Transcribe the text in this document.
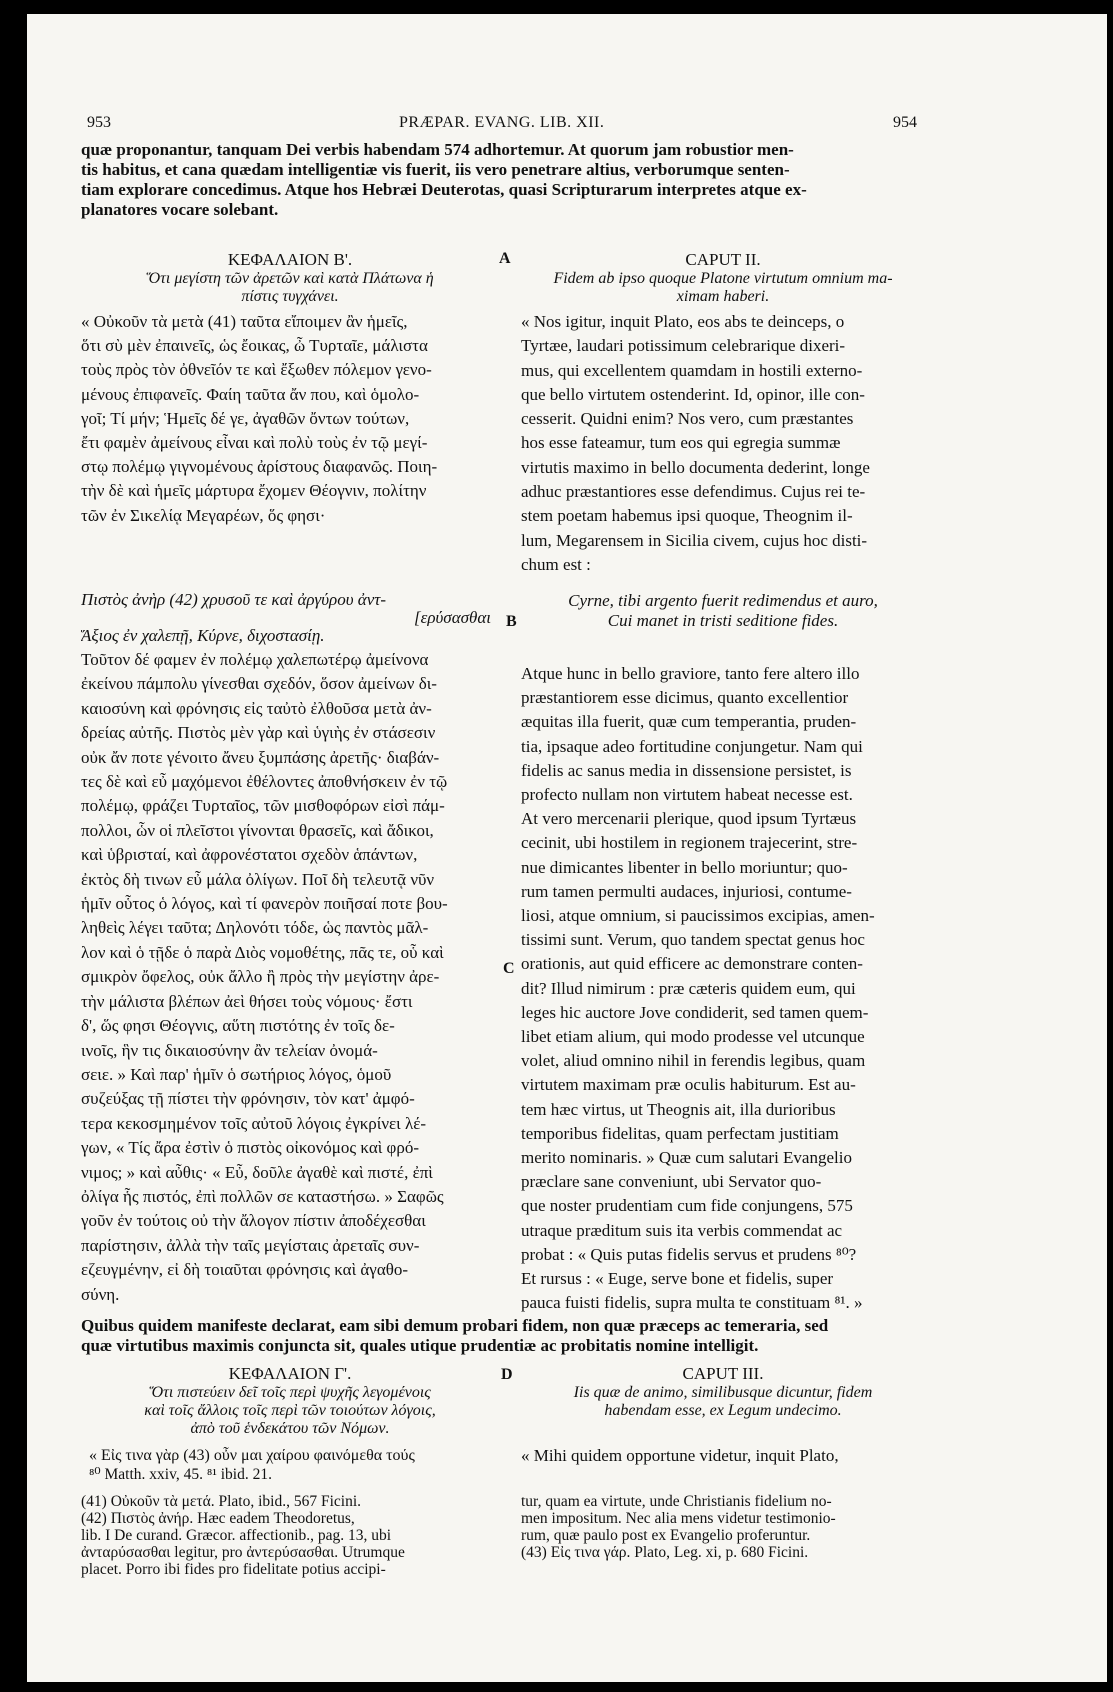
953	PRÆPAR. EVANG. LIB. XII.	954
quæ proponantur, tanquam Dei verbis habendam 574 adhortemur. At quorum jam robustior men-
tis habitus, et cana quædam intelligentiæ vis fuerit, iis vero penetrare altius, verborumque senten-
tiam explorare concedimus. Atque hos Hebræi Deuterotas, quasi Scripturarum interpretes atque ex-
planatores vocare solebant.
A
B
C
D
ΚΕΦΑΛΑΙΟΝ Β'.
Ὅτι μεγίστη τῶν ἀρετῶν καὶ κατὰ Πλάτωνα ἡ
πίστις τυγχάνει.
CAPUT II.
Fidem ab ipso quoque Platone virtutum omnium ma-
ximam haberi.
« Οὐκοῦν τὰ μετὰ (41) ταῦτα εἴποιμεν ἂν ἡμεῖς,
ὅτι σὺ μὲν ἐπαινεῖς, ὡς ἔοικας, ὦ Τυρταῖε, μάλιστα
τοὺς πρὸς τὸν ὀθνεῖόν τε καὶ ἔξωθεν πόλεμον γενο-
μένους ἐπιφανεῖς. Φαίη ταῦτα ἄν που, καὶ ὁμολο-
γοῖ; Τί μήν; Ἡμεῖς δέ γε, ἀγαθῶν ὄντων τούτων,
ἔτι φαμὲν ἀμείνους εἶναι καὶ πολὺ τοὺς ἐν τῷ μεγί-
στῳ πολέμῳ γιγνομένους ἀρίστους διαφανῶς. Ποιη-
τὴν δὲ καὶ ἡμεῖς μάρτυρα ἔχομεν Θέογνιν, πολίτην
τῶν ἐν Σικελίᾳ Μεγαρέων, ὅς φησι·
« Nos igitur, inquit Plato, eos abs te deinceps, o
Tyrtæe, laudari potissimum celebrarique dixeri-
mus, qui excellentem quamdam in hostili externo-
que bello virtutem ostenderint. Id, opinor, ille con-
cesserit. Quidni enim? Nos vero, cum præstantes
hos esse fateamur, tum eos qui egregia summæ
virtutis maximo in bello documenta dederint, longe
adhuc præstantiores esse defendimus. Cujus rei te-
stem poetam habemus ipsi quoque, Theognim il-
lum, Megarensem in Sicilia civem, cujus hoc disti-
chum est :
Πιστὸς ἀνὴρ (42) χρυσοῦ τε καὶ ἀργύρου ἀντ-
[ερύσασθαι
Ἄξιος ἐν χαλεπῇ, Κύρνε, διχοστασίῃ.
Cyrne, tibi argento fuerit redimendus et auro,
Cui manet in tristi seditione fides.
Τοῦτον δέ φαμεν ἐν πολέμῳ χαλεπωτέρῳ ἀμείνονα
ἐκείνου πάμπολυ γίνεσθαι σχεδόν, ὅσον ἀμείνων δι-
καιοσύνη καὶ φρόνησις εἰς ταὐτὸ ἐλθοῦσα μετὰ ἀν-
δρείας αὐτῆς. Πιστὸς μὲν γὰρ καὶ ὑγιὴς ἐν στάσεσιν
οὐκ ἄν ποτε γένοιτο ἄνευ ξυμπάσης ἀρετῆς· διαβάν-
τες δὲ καὶ εὖ μαχόμενοι ἐθέλοντες ἀποθνήσκειν ἐν τῷ
πολέμῳ, φράζει Τυρταῖος, τῶν μισθοφόρων εἰσὶ πάμ-
πολλοι, ὧν οἱ πλεῖστοι γίνονται θρασεῖς, καὶ ἄδικοι,
καὶ ὑβρισταί, καὶ ἀφρονέστατοι σχεδὸν ἁπάντων,
ἐκτὸς δὴ τινων εὖ μάλα ὀλίγων. Ποῖ δὴ τελευτᾷ νῦν
ἡμῖν οὗτος ὁ λόγος, καὶ τί φανερὸν ποιῆσαί ποτε βου-
ληθεὶς λέγει ταῦτα; Δηλονότι τόδε, ὡς παντὸς μᾶλ-
λον καὶ ὁ τῇδε ὁ παρὰ Διὸς νομοθέτης, πᾶς τε, οὗ καὶ
σμικρὸν ὄφελος, οὐκ ἄλλο ἢ πρὸς τὴν μεγίστην ἀρε-
τὴν μάλιστα βλέπων ἀεὶ θήσει τοὺς νόμους· ἔστι
δ', ὥς φησι Θέογνις, αὕτη πιστότης ἐν τοῖς δε-
ινοῖς, ἣν τις δικαιοσύνην ἂν τελείαν ὀνομά-
σειε. » Καὶ παρ' ἡμῖν ὁ σωτήριος λόγος, ὁμοῦ
συζεύξας τῇ πίστει τὴν φρόνησιν, τὸν κατ' ἀμφό-
τερα κεκοσμημένον τοῖς αὐτοῦ λόγοις ἐγκρίνει λέ-
γων, « Τίς ἄρα ἐστὶν ὁ πιστὸς οἰκονόμος καὶ φρό-
νιμος; » καὶ αὖθις· « Εὖ, δοῦλε ἀγαθὲ καὶ πιστέ, ἐπὶ
ὀλίγα ἧς πιστός, ἐπὶ πολλῶν σε καταστήσω. » Σαφῶς
γοῦν ἐν τούτοις οὐ τὴν ἄλογον πίστιν ἀποδέχεσθαι
παρίστησιν, ἀλλὰ τὴν ταῖς μεγίσταις ἀρεταῖς συν-
εζευγμένην, εἰ δὴ τοιαῦται φρόνησις καὶ ἀγαθο-
σύνη.
Atque hunc in bello graviore, tanto fere altero illo
præstantiorem esse dicimus, quanto excellentior
æquitas illa fuerit, quæ cum temperantia, pruden-
tia, ipsaque adeo fortitudine conjungetur. Nam qui
fidelis ac sanus media in dissensione persistet, is
profecto nullam non virtutem habeat necesse est.
At vero mercenarii plerique, quod ipsum Tyrtæus
cecinit, ubi hostilem in regionem trajecerint, stre-
nue dimicantes libenter in bello moriuntur; quo-
rum tamen permulti audaces, injuriosi, contume-
liosi, atque omnium, si paucissimos excipias, amen-
tissimi sunt. Verum, quo tandem spectat genus hoc
orationis, aut quid efficere ac demonstrare conten-
dit? Illud nimirum : præ cæteris quidem eum, qui
leges hic auctore Jove condiderit, sed tamen quem-
libet etiam alium, qui modo prodesse vel utcunque
volet, aliud omnino nihil in ferendis legibus, quam
virtutem maximam præ oculis habiturum. Est au-
tem hæc virtus, ut Theognis ait, illa durioribus
temporibus fidelitas, quam perfectam justitiam
merito nominaris. » Quæ cum salutari Evangelio
præclare sane conveniunt, ubi Servator quo-
que noster prudentiam cum fide conjungens, 575
utraque præditum suis ita verbis commendat ac
probat : « Quis putas fidelis servus et prudens ⁸⁰?
Et rursus : « Euge, serve bone et fidelis, super
pauca fuisti fidelis, supra multa te constituam ⁸¹. »
Quibus quidem manifeste declarat, eam sibi demum probari fidem, non quæ præceps ac temeraria, sed
quæ virtutibus maximis conjuncta sit, quales utique prudentiæ ac probitatis nomine intelligit.
ΚΕΦΑΛΑΙΟΝ Γ'.
Ὅτι πιστεύειν δεῖ τοῖς περὶ ψυχῆς λεγομένοις
καὶ τοῖς ἄλλοις τοῖς περὶ τῶν τοιούτων λόγοις,
ἀπὸ τοῦ ἑνδεκάτου τῶν Νόμων.
CAPUT III.
Iis quæ de animo, similibusque dicuntur, fidem
habendam esse, ex Legum undecimo.
« Εἰς τινα γὰρ (43) οὖν μαι χαίρου φαινόμεθα τούς	« Mihi quidem opportune videtur, inquit Plato,
⁸⁰ Matth. xxiv, 45. ⁸¹ ibid. 21.
(41) Οὐκοῦν τὰ μετά. Plato, ibid., 567 Ficini.
(42) Πιστὸς ἀνήρ. Hæc eadem Theodoretus,
lib. I De curand. Græcor. affectionib., pag. 13, ubi
ἀνταρύσασθαι legitur, pro ἀντερύσασθαι. Utrumque
placet. Porro ibi fides pro fidelitate potius accipi-
tur, quam ea virtute, unde Christianis fidelium no-
men impositum. Nec alia mens videtur testimonio-
rum, quæ paulo post ex Evangelio proferuntur.
(43) Εἰς τινα γάρ. Plato, Leg. xi, p. 680 Ficini.
